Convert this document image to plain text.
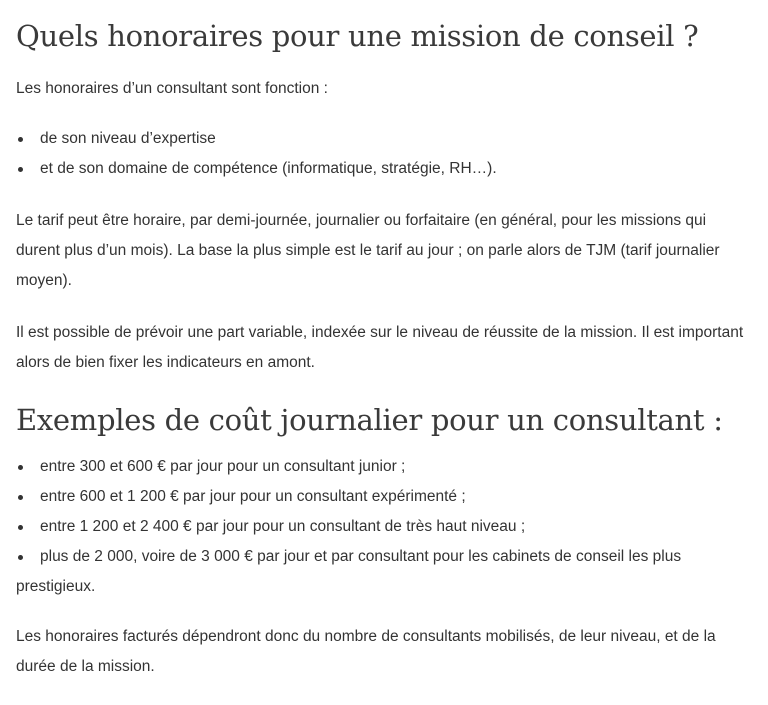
Quels honoraires pour une mission de conseil ?

Les honoraires d’un consultant sont fonction :

de son niveau d’expertise
et de son domaine de compétence (informatique, stratégie, RH…).

Le tarif peut être horaire, par demi-journée, journalier ou forfaitaire (en général, pour les missions qui durent plus d’un mois). La base la plus simple est le tarif au jour ; on parle alors de TJM (tarif journalier moyen).

Il est possible de prévoir une part variable, indexée sur le niveau de réussite de la mission. Il est important alors de bien fixer les indicateurs en amont.

Exemples de coût journalier pour un consultant :
entre 300 et 600 € par jour pour un consultant junior ;
entre 600 et 1 200 € par jour pour un consultant expérimenté ;
entre 1 200 et 2 400 € par jour pour un consultant de très haut niveau ;
plus de 2 000, voire de 3 000 € par jour et par consultant pour les cabinets de conseil les plus prestigieux.

Les honoraires facturés dépendront donc du nombre de consultants mobilisés, de leur niveau, et de la durée de la mission.
